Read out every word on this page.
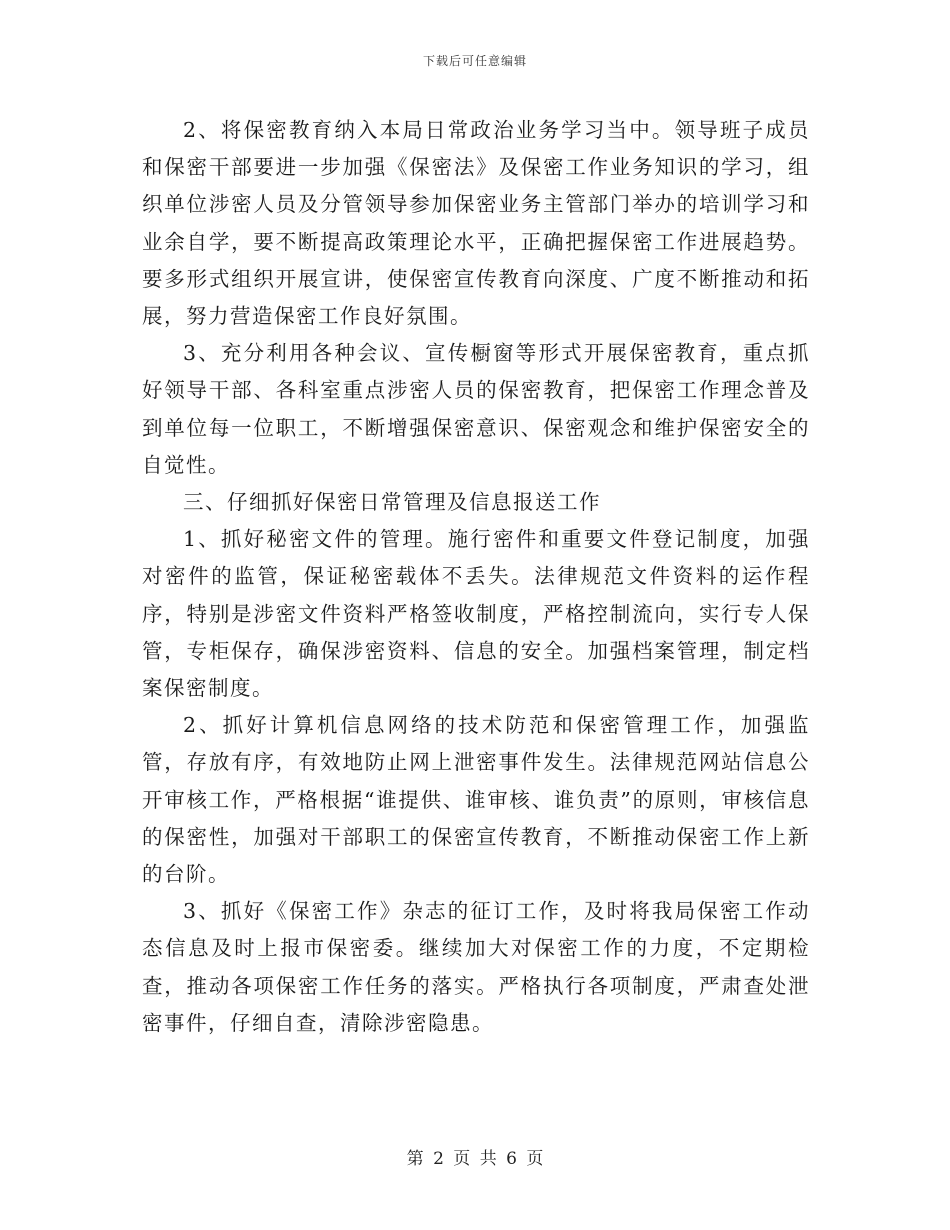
下载后可任意编辑

2、将保密教育纳入本局日常政治业务学习当中。领导班子成员和保密干部要进一步加强《保密法》及保密工作业务知识的学习，组织单位涉密人员及分管领导参加保密业务主管部门举办的培训学习和业余自学，要不断提高政策理论水平，正确把握保密工作进展趋势。要多形式组织开展宣讲，使保密宣传教育向深度、广度不断推动和拓展，努力营造保密工作良好氛围。

3、充分利用各种会议、宣传橱窗等形式开展保密教育，重点抓好领导干部、各科室重点涉密人员的保密教育，把保密工作理念普及到单位每一位职工，不断增强保密意识、保密观念和维护保密安全的自觉性。

三、仔细抓好保密日常管理及信息报送工作

1、抓好秘密文件的管理。施行密件和重要文件登记制度，加强对密件的监管，保证秘密载体不丢失。法律规范文件资料的运作程序，特别是涉密文件资料严格签收制度，严格控制流向，实行专人保管，专柜保存，确保涉密资料、信息的安全。加强档案管理，制定档案保密制度。

2、抓好计算机信息网络的技术防范和保密管理工作，加强监管，存放有序，有效地防止网上泄密事件发生。法律规范网站信息公开审核工作，严格根据“谁提供、谁审核、谁负责”的原则，审核信息的保密性，加强对干部职工的保密宣传教育，不断推动保密工作上新的台阶。

3、抓好《保密工作》杂志的征订工作，及时将我局保密工作动态信息及时上报市保密委。继续加大对保密工作的力度，不定期检查，推动各项保密工作任务的落实。严格执行各项制度，严肃查处泄密事件，仔细自查，清除涉密隐患。

第 2 页 共 6 页
